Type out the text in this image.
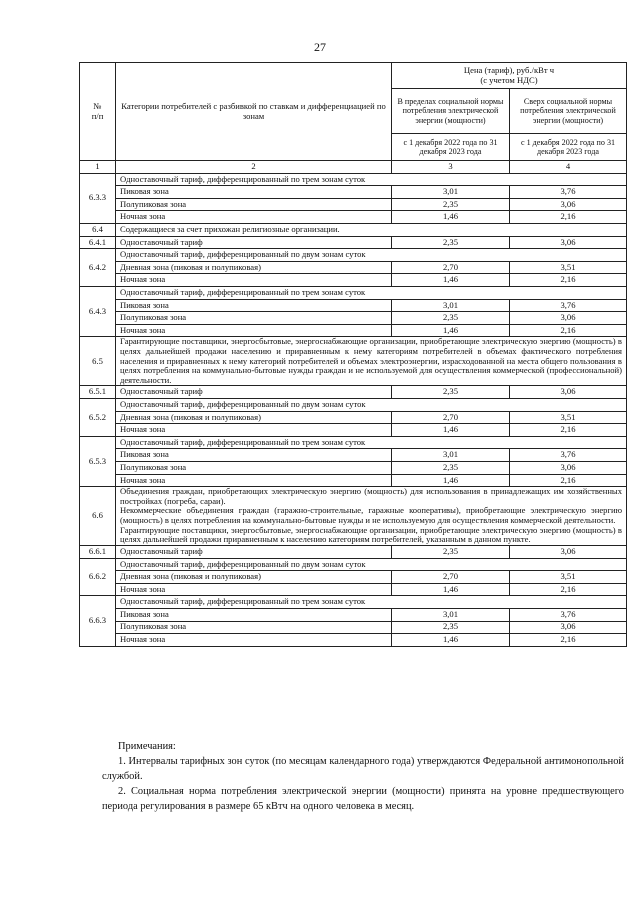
27
№
п/п	Категории потребителей с разбивкой по ставкам и дифференциацией по зонам	Цена (тариф), руб./кВт ч
(с учетом НДС)	
		В пределах социальной нормы потребления электрической энергии (мощности)	Сверх социальной нормы потребления электрической энергии (мощности)
		с 1 декабря 2022 года по 31 декабря 2023 года	с 1 декабря 2022 года по 31 декабря 2023 года
1	2	3	4
6.3.3	Одноставочный тариф, дифференцированный по трем зонам суток		
	Пиковая зона	3,01	3,76
	Полупиковая зона	2,35	3,06
	Ночная зона	1,46	2,16
6.4	Содержащиеся за счет прихожан религиозные организации.		
6.4.1	Одноставочный тариф	2,35	3,06
6.4.2	Одноставочный тариф, дифференцированный по двум зонам суток		
	Дневная зона (пиковая и полупиковая)	2,70	3,51
	Ночная зона	1,46	2,16
6.4.3	Одноставочный тариф, дифференцированный по трем зонам суток		
	Пиковая зона	3,01	3,76
	Полупиковая зона	2,35	3,06
	Ночная зона	1,46	2,16
6.5	Гарантирующие поставщики, энергосбытовые, энергоснабжающие организации, приобретающие электрическую энергию (мощность) в целях дальнейшей продажи населению и приравненным к нему категориям потребителей в объемах фактического потребления населения и приравненных к нему категорий потребителей и объемах электроэнергии, израсходованной на места общего пользования в целях потребления на коммунально-бытовые нужды граждан и не используемой для осуществления коммерческой (профессиональной) деятельности.		
6.5.1	Одноставочный тариф	2,35	3,06
6.5.2	Одноставочный тариф, дифференцированный по двум зонам суток		
	Дневная зона (пиковая и полупиковая)	2,70	3,51
	Ночная зона	1,46	2,16
6.5.3	Одноставочный тариф, дифференцированный по трем зонам суток		
	Пиковая зона	3,01	3,76
	Полупиковая зона	2,35	3,06
	Ночная зона	1,46	2,16
6.6	Объединения граждан, приобретающих электрическую энергию (мощность) для использования в принадлежащих им хозяйственных постройках (погреба, сараи).
Некоммерческие объединения граждан (гаражно-строительные, гаражные кооперативы), приобретающие электрическую энергию (мощность) в целях потребления на коммунально-бытовые нужды и не используемую для осуществления коммерческой деятельности.
Гарантирующие поставщики, энергосбытовые, энергоснабжающие организации, приобретающие электрическую энергию (мощность) в целях дальнейшей продажи приравненным к населению категориям потребителей, указанным в данном пункте.		
6.6.1	Одноставочный тариф	2,35	3,06
6.6.2	Одноставочный тариф, дифференцированный по двум зонам суток		
	Дневная зона (пиковая и полупиковая)	2,70	3,51
	Ночная зона	1,46	2,16
6.6.3	Одноставочный тариф, дифференцированный по трем зонам суток		
	Пиковая зона	3,01	3,76
	Полупиковая зона	2,35	3,06
	Ночная зона	1,46	2,16

Примечания:

1. Интервалы тарифных зон суток (по месяцам календарного года) утверждаются Федеральной антимонопольной службой.

2. Социальная норма потребления электрической энергии (мощности) принята на уровне предшествующего периода регулирования в размере 65 кВтч на одного человека в месяц.
